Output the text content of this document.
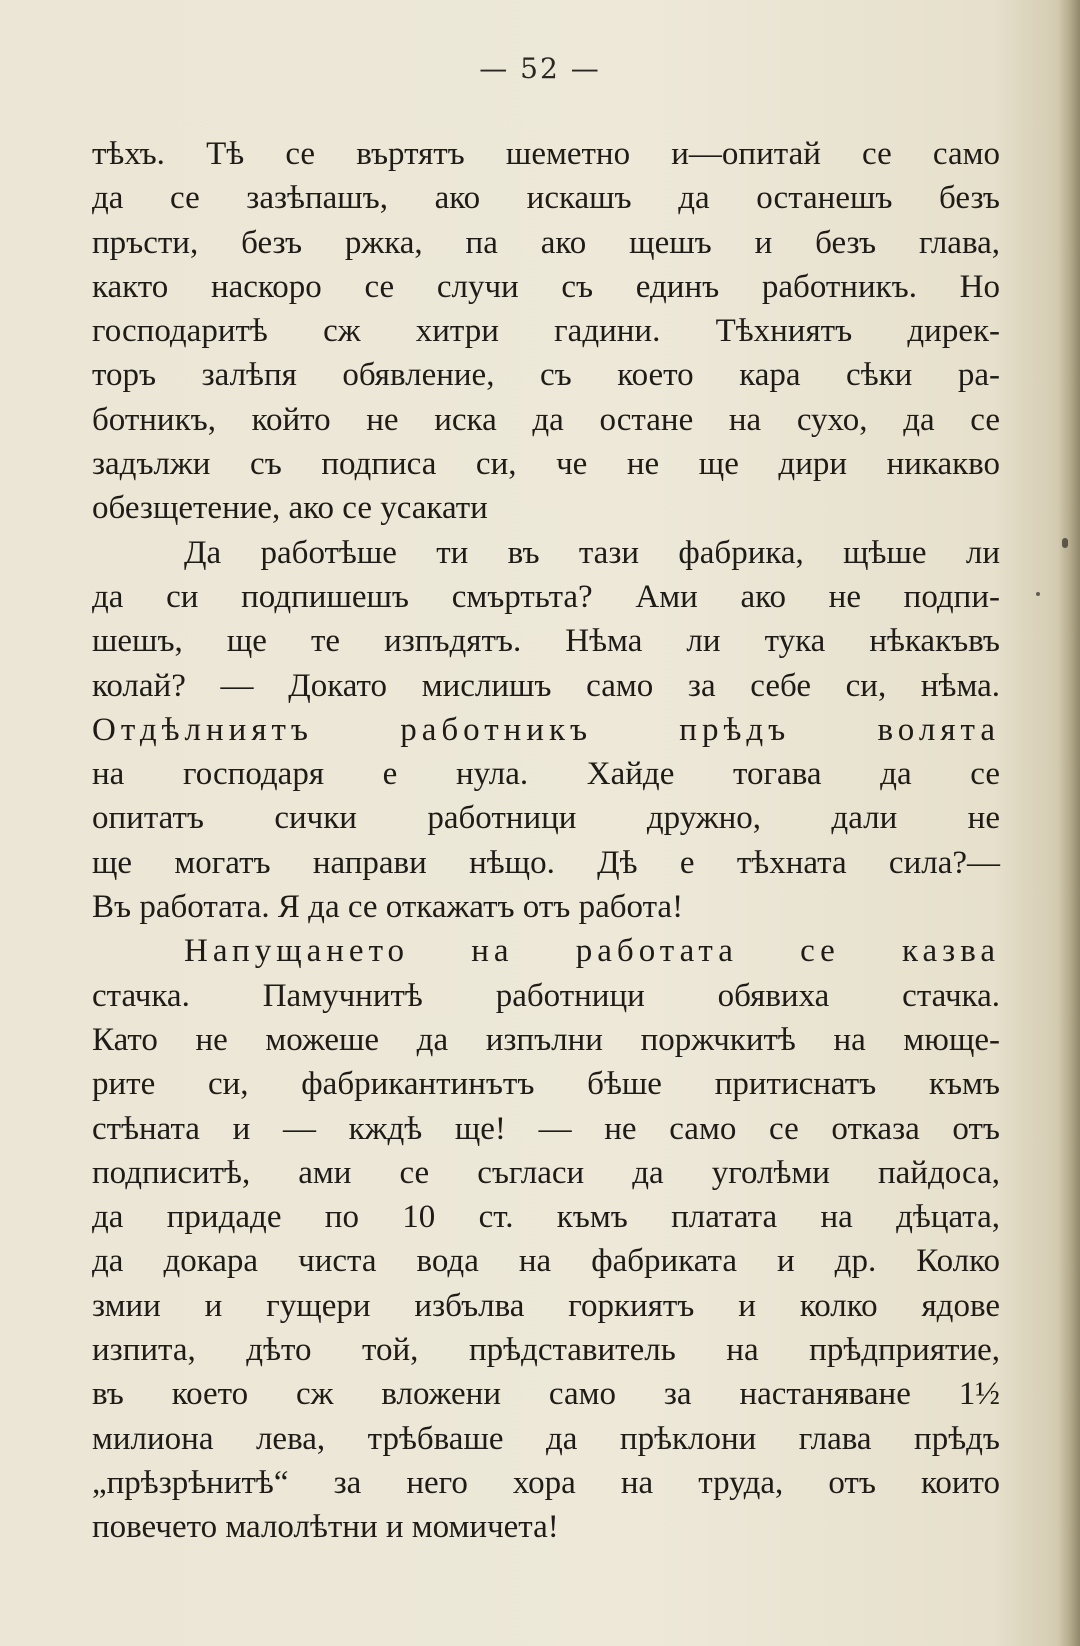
— 52 —
тѣхъ. Тѣ се въртятъ шеметно и—опитай се само
да се зазѣпашъ, ако искашъ да останешъ безъ
пръсти, безъ ржка, па ако щешъ и безъ глава,
както наскоро се случи съ единъ работникъ. Но
господаритѣ сж хитри гадини. Тѣхниятъ дирек-
торъ залѣпя обявление, съ което кара сѣки ра-
ботникъ, който не иска да остане на сухо, да се
задължи съ подписа си, че не ще дири никакво
обезщетение, ако се усакати
Да работѣше ти въ тази фабрика, щѣше ли
да си подпишешъ смъртьта? Ами ако не подпи-
шешъ, ще те изпъдятъ. Нѣма ли тука нѣкакъвъ
колай? — Докато мислишъ само за себе си, нѣма.
Отдѣлниятъ работникъ прѣдъ волята
на господаря е нула. Хайде тогава да се
опитатъ сички работници дружно, дали не
ще могатъ направи нѣщо. Дѣ е тѣхната сила?—
Въ работата. Я да се откажатъ отъ работа!
Напущането на работата се казва
стачка. Памучнитѣ работници обявиха стачка.
Като не можеше да изпълни поржчкитѣ на мюще-
рите си, фабрикантинътъ бѣше притиснатъ къмъ
стѣната и — кждѣ ще! — не само се отказа отъ
подписитѣ, ами се съгласи да уголѣми пайдоса,
да придаде по 10 ст. къмъ платата на дѣцата,
да докара чиста вода на фабриката и др. Колко
змии и гущери избълва горкиятъ и колко ядове
изпита, дѣто той, прѣдставитель на прѣдприятие,
въ което сж вложени само за настаняване 1½
милиона лева, трѣбваше да прѣклони глава прѣдъ
„прѣзрѣнитѣ“ за него хора на труда, отъ които
повечето малолѣтни и момичета!
